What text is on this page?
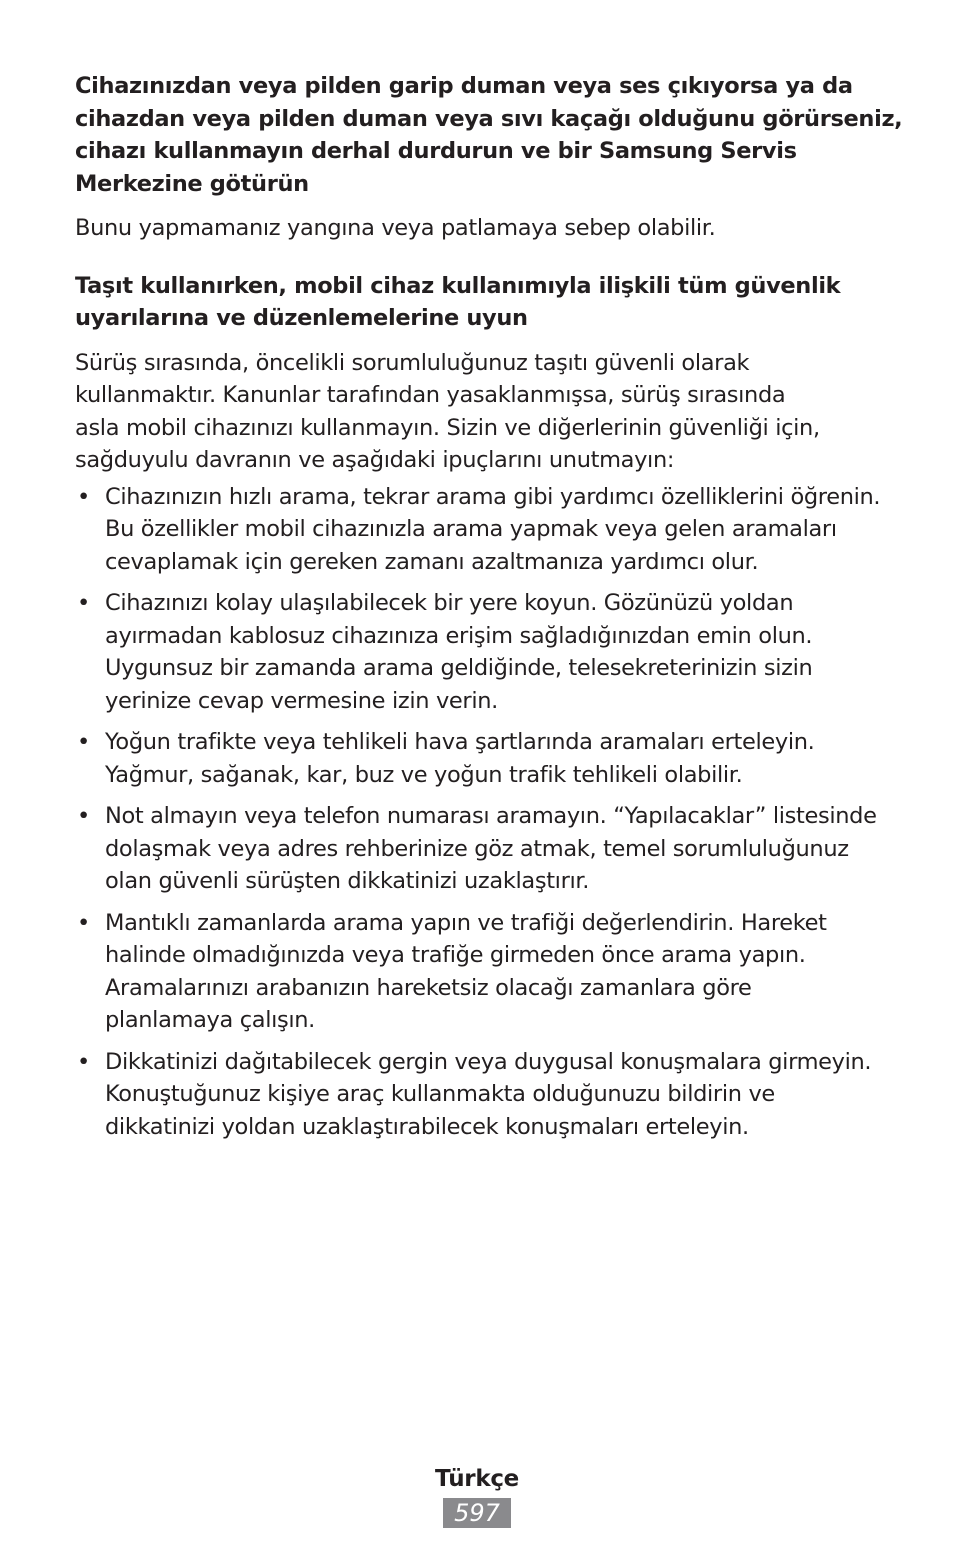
Cihazınızdan veya pilden garip duman veya ses çıkıyorsa ya da
cihazdan veya pilden duman veya sıvı kaçağı olduğunu görürseniz,
cihazı kullanmayın derhal durdurun ve bir Samsung Servis
Merkezine götürün

Bunu yapmamanız yangına veya patlamaya sebep olabilir.

Taşıt kullanırken, mobil cihaz kullanımıyla ilişkili tüm güvenlik
uyarılarına ve düzenlemelerine uyun

Sürüş sırasında, öncelikli sorumluluğunuz taşıtı güvenli olarak
kullanmaktır. Kanunlar tarafından yasaklanmışsa, sürüş sırasında
asla mobil cihazınızı kullanmayın. Sizin ve diğerlerinin güvenliği için,
sağduyulu davranın ve aşağıdaki ipuçlarını unutmayın:

• Cihazınızın hızlı arama, tekrar arama gibi yardımcı özelliklerini öğrenin.
Bu özellikler mobil cihazınızla arama yapmak veya gelen aramaları
cevaplamak için gereken zamanı azaltmanıza yardımcı olur.
• Cihazınızı kolay ulaşılabilecek bir yere koyun. Gözünüzü yoldan
ayırmadan kablosuz cihazınıza erişim sağladığınızdan emin olun.
Uygunsuz bir zamanda arama geldiğinde, telesekreterinizin sizin
yerinize cevap vermesine izin verin.
• Yoğun trafikte veya tehlikeli hava şartlarında aramaları erteleyin.
Yağmur, sağanak, kar, buz ve yoğun trafik tehlikeli olabilir.
• Not almayın veya telefon numarası aramayın. “Yapılacaklar” listesinde
dolaşmak veya adres rehberinize göz atmak, temel sorumluluğunuz
olan güvenli sürüşten dikkatinizi uzaklaştırır.
• Mantıklı zamanlarda arama yapın ve trafiği değerlendirin. Hareket
halinde olmadığınızda veya trafiğe girmeden önce arama yapın.
Aramalarınızı arabanızın hareketsiz olacağı zamanlara göre
planlamaya çalışın.
• Dikkatinizi dağıtabilecek gergin veya duygusal konuşmalara girmeyin.
Konuştuğunuz kişiye araç kullanmakta olduğunuzu bildirin ve
dikkatinizi yoldan uzaklaştırabilecek konuşmaları erteleyin.
Türkçe
597
